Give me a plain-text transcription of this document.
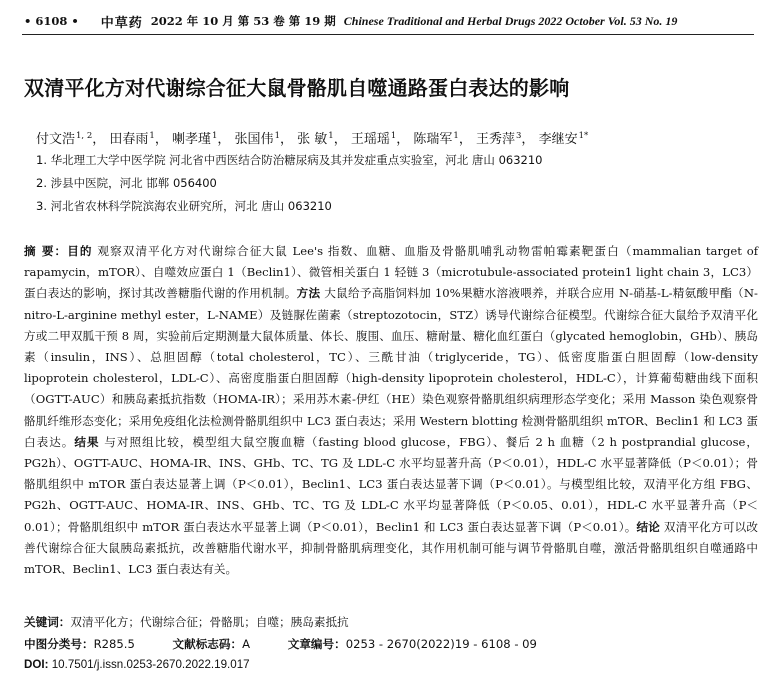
• 6108 • 中草药 2022 年 10 月 第 53 卷 第 19 期 Chinese Traditional and Herbal Drugs 2022 October Vol. 53 No. 19
双清平化方对代谢综合征大鼠骨骼肌自噬通路蛋白表达的影响
付文浩$^{1, 2}$， 田春雨$^1$， 喇孝瑾$^1$， 张国伟$^1$， 张 敏$^1$， 王瑶瑶$^1$， 陈瑞军$^1$， 王秀萍$^3$， 李继安$^{1*}$
1. 华北理工大学中医学院 河北省中西医结合防治糖尿病及其并发症重点实验室，河北 唐山 063210
2. 涉县中医院，河北 邯郸 056400
3. 河北省农林科学院滨海农业研究所，河北 唐山 063210
摘 要：目的 观察双清平化方对代谢综合征大鼠 Lee's 指数、血糖、血脂及骨骼肌哺乳动物雷帕霉素靶蛋白（mammalian target of rapamycin，mTOR）、自噬效应蛋白 1（Beclin1）、微管相关蛋白 1 轻链 3（microtubule-associated protein1 light chain 3，LC3）蛋白表达的影响，探讨其改善糖脂代谢的作用机制。方法 大鼠给予高脂饲料加 10%果糖水溶液喂养，并联合应用 N-硝基-L-精氨酸甲酯（N-nitro-L-arginine methyl ester，L-NAME）及链脲佐菌素（streptozotocin，STZ）诱导代谢综合征模型。代谢综合征大鼠给予双清平化方或二甲双胍干预 8 周，实验前后定期测量大鼠体质量、体长、腹围、血压、糖耐量、糖化血红蛋白（glycated hemoglobin，GHb）、胰岛素（insulin，INS）、总胆固醇（total cholesterol，TC）、三酰甘油（triglyceride，TG）、低密度脂蛋白胆固醇（low-density lipoprotein cholesterol，LDL-C）、高密度脂蛋白胆固醇（high-density lipoprotein cholesterol，HDL-C），计算葡萄糖曲线下面积（OGTT-AUC）和胰岛素抵抗指数（HOMA-IR）；采用苏木素-伊红（HE）染色观察骨骼肌组织病理形态学变化；采用 Masson 染色观察骨骼肌纤维形态变化；采用免疫组化法检测骨骼肌组织中 LC3 蛋白表达；采用 Western blotting 检测骨骼肌组织 mTOR、Beclin1 和 LC3 蛋白表达。结果 与对照组比较，模型组大鼠空腹血糖（fasting blood glucose，FBG）、餐后 2 h 血糖（2 h postprandial glucose，PG2h）、OGTT-AUC、HOMA-IR、INS、GHb、TC、TG 及 LDL-C 水平均显著升高（P＜0.01），HDL-C 水平显著降低（P＜0.01）；骨骼肌组织中 mTOR 蛋白表达显著上调（P＜0.01），Beclin1、LC3 蛋白表达显著下调（P＜0.01）。与模型组比较，双清平化方组 FBG、PG2h、OGTT-AUC、HOMA-IR、INS、GHb、TC、TG 及 LDL-C 水平均显著降低（P＜0.05、0.01），HDL-C 水平显著升高（P＜0.01）；骨骼肌组织中 mTOR 蛋白表达水平显著上调（P＜0.01），Beclin1 和 LC3 蛋白表达显著下调（P＜0.01）。结论 双清平化方可以改善代谢综合征大鼠胰岛素抵抗，改善糖脂代谢水平，抑制骨骼肌病理变化，其作用机制可能与调节骨骼肌自噬，激活骨骼肌组织自噬通路中 mTOR、Beclin1、LC3 蛋白表达有关。
关键词：双清平化方；代谢综合征；骨骼肌；自噬；胰岛素抵抗
中图分类号：R285.5	文献标志码：A	文章编号：0253 - 2670(2022)19 - 6108 - 09
DOI: 10.7501/j.issn.0253-2670.2022.19.017
